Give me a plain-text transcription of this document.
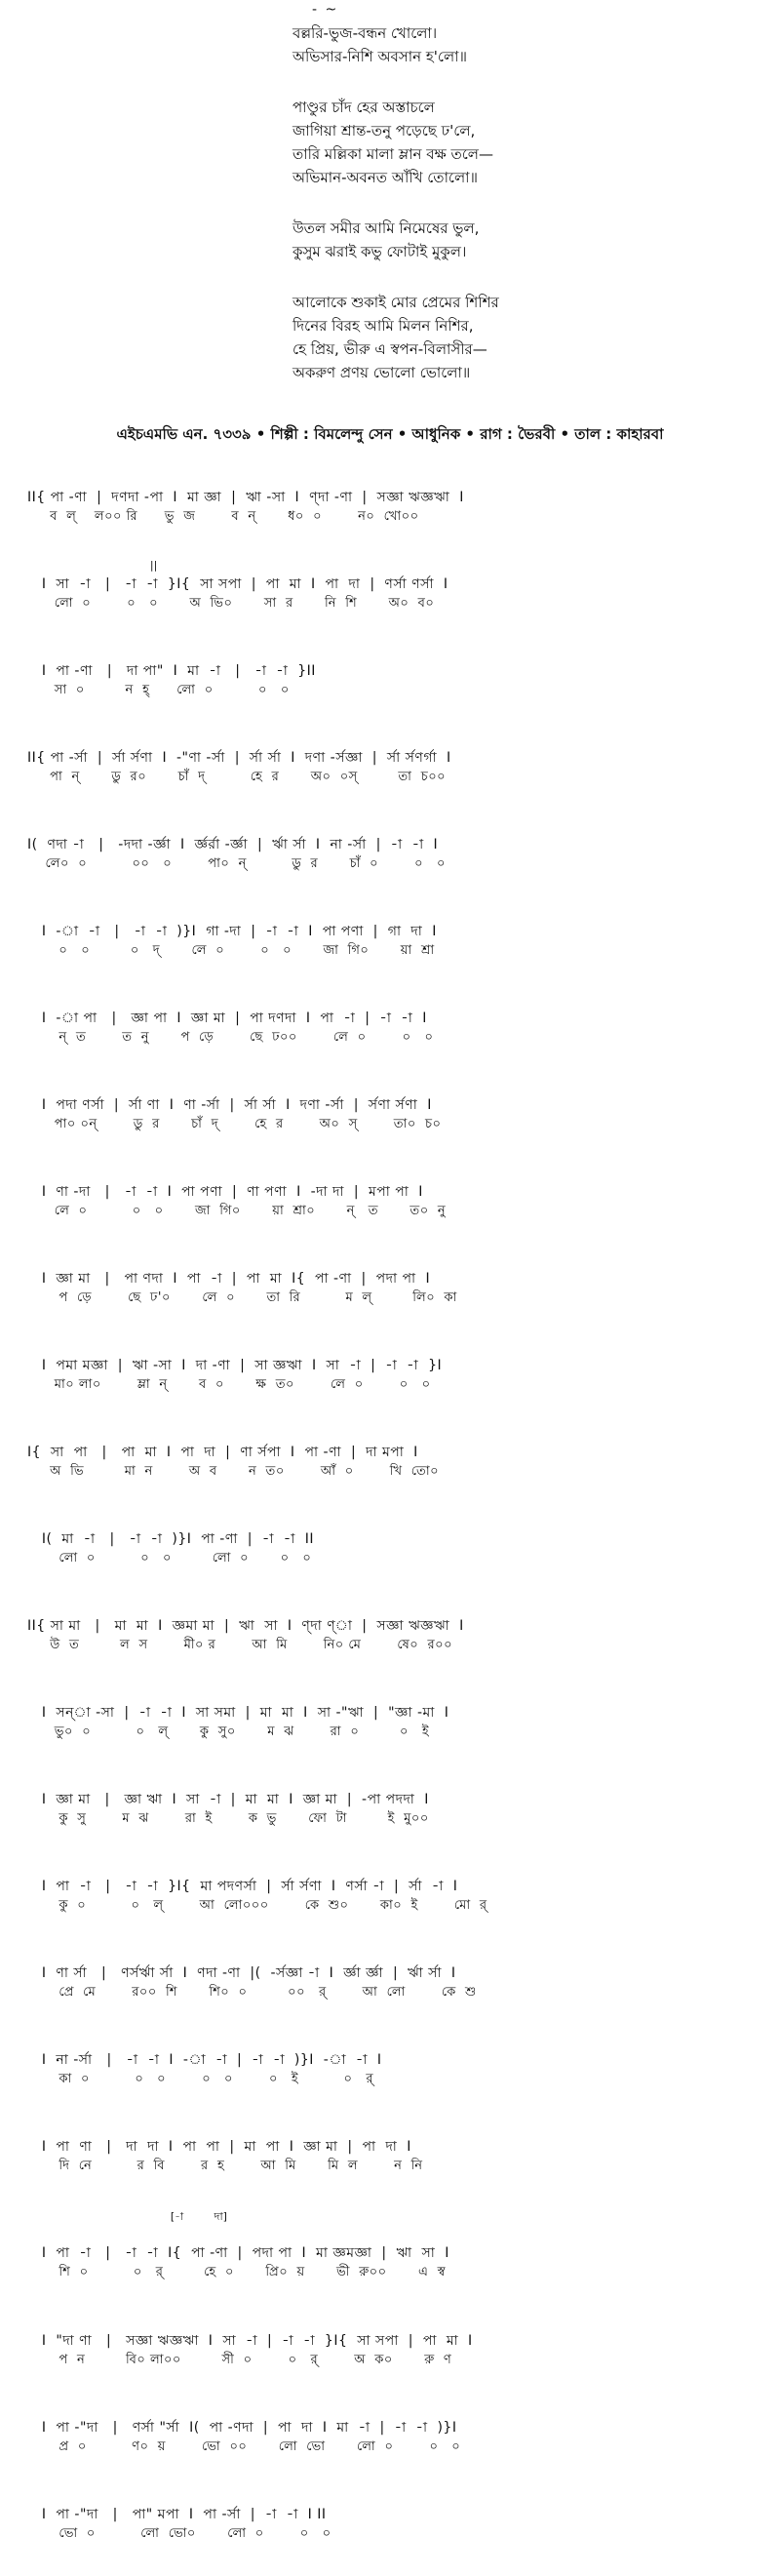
- ~
বল্লরি-ভুজ-বন্ধন খোলো।
অভিসার-নিশি অবসান হ'লো॥
পাণ্ডুর চাঁদ হের অস্তাচলে
জাগিয়া শ্রান্ত-তনু পড়েছে ঢ'লে,
তারি মল্লিকা মালা ম্লান বক্ষ তলে—
অভিমান-অবনত আঁখি তোলো॥
উতল সমীর আমি নিমেষের ভুল,
কুসুম ঝরাই কভু ফোটাই মুকুল।
আলোকে শুকাই মোর প্রেমের শিশির
দিনের বিরহ আমি মিলন নিশির,
হে প্রিয়, ভীরু এ স্বপন-বিলাসীর—
অকরুণ প্রণয় ভোলো ভোলো॥
এইচএমভি এন. ৭৩৩৯ • শিল্পী : বিমলেন্দু সেন • আধুনিক • রাগ : ভৈরবী • তাল : কাহারবা
II{ পা -ণা  |  দণদা -পা  I  মা জ্ঞা  |  ঋা -সা  I  ণ্দা -ণা  |  সজ্ঞা ঋজ্ঞঋা  I
ব  ল্    ল০০ রি      ভু  জ        ব  ন্       ধ০  ০        ন০  খো০০
||
I  সা  -া   |   -া  -া  }I{  সা সপা  |  পা  মা  I  পা  দা  |  ণর্সা ণর্সা  I
লো  ০        ০   ০       অ  ভি০       সা  র       নি  শি       অ০  ব০
I  পা -ণা   |   দা পা"  I  মা  -া   |   -া  -া  }II
সা  ০         ন  হ্      লো  ০          ০   ০
II{ পা -র্সা  |  র্সা র্সণা  I  -"ণা -র্সা  |  র্সা র্সা  I  দণা -র্সজ্ঞা  |  র্সা র্সণর্গা  I
পা  ন্       ডু  র০       চাঁ  দ্          হে  র       অ০  ০স্         তা  চ০০
I(  ণদা -া   |   -দদা -র্জ্ঞা  I  র্জ্ঞর্রা -র্জ্ঞা  |  র্ঋা র্সা  I  না -র্সা  |  -া  -া  I
লে০  ০          ০০   ০        পা০  ন্          ডু  র       চাঁ  ০        ০   ০
I  -া  -া   |   -া  -া  )}I  গা -দা  |  -া  -া  I  পা পণা  |  গা  দা  I
০   ০         ০   দ্       লে  ০        ০   ০       জা  গি০       য়া  শ্রা
I  -া পা   |   জ্ঞা পা  I  জ্ঞা মা  |  পা দণদা  I  পা  -া  |  -া  -া  I
ন্  ত        ত  নু       প  ড়ে        ছে  ঢ০০        লে  ০        ০   ০
I  পদা ণর্সা  |  র্সা ণা  I  ণা -র্সা  |  র্সা র্সা  I  দণা -র্সা  |  র্সণা র্সণা  I
পা০ ০ন্        ডু  র       চাঁ  দ্        হে  র        অ০  স্        তা০  চ০
I  ণা -দা   |   -া  -া  I  পা পণা  |  ণা পণা  I  -দা দা  |  মপা পা  I
লে  ০          ০   ০       জা  গি০       য়া  শ্রা০       ন্   ত       ত০  নু
I  জ্ঞা মা   |   পা ণদা  I  পা  -া  |  পা  মা  I{  পা -ণা  |  পদা পা  I
প  ড়ে        ছে  ঢ'০       লে  ০       তা  রি          ম  ল্         লি০  কা
I  পমা মজ্ঞা  |  ঋা -সা  I  দা -ণা  |  সা জ্ঞঋা  I  সা  -া  |  -া  -া  }I
মা০ লা০        ম্লা  ন্       ব  ০       ক্ষ  ত০        লে  ০        ০   ০
I{  সা  পা   |   পা  মা  I  পা  দা  |  ণা র্সপা  I  পা -ণা  |  দা মপা  I
অ  ভি         মা  ন        অ  ব       ন  ত০        আঁ  ০        খি  তো০
I(  মা  -া   |   -া  -া  )}I  পা -ণা  |  -া  -া  II
লো  ০          ০   ০         লো  ০       ০   ০
II{ সা মা   |   মা  মা  I  জ্ঞমা মা  |  ঋা  সা  I  ণ্দা ণ্া  |  সজ্ঞা ঋজ্ঞঋা  I
উ  ত         ল  স        মী০ র        আ  মি        নি০ মে        ষে০  র০০
I  সন্া -সা  |  -া  -া  I  সা সমা  |  মা  মা  I  সা -"ঋা  |  "জ্ঞা -মা  I
ভু০  ০          ০   ল্       কু  সু০       ম  ঝ        রা  ০         ০   ই
I  জ্ঞা মা   |   জ্ঞা ঋা  I  সা  -া  |  মা  মা  I  জ্ঞা মা  |  -পা পদদা  I
কু  সু        ম  ঝ        রা  ই        ক  ভু       ফো  টা         ই  মু০০
I  পা  -া   |   -া  -া  }I{  মা পদণর্সা  |  র্সা র্সণা  I  ণর্সা -া  |  র্সা  -া  I
কু  ০          ০   ল্        আ  লো০০০        কে  শু০       কা০  ই        মো  র্
I  ণা র্সা   |   ণর্সর্ঋা র্সা  I  ণদা -ণা  |(  -র্সজ্ঞা -া  I  র্জ্ঞা র্জ্ঞা  |  র্ঋা র্সা  I
প্রে  মে        র০০  শি       শি০  ০         ০০   র্        আ  লো        কে  শু
I  না -র্সা   |   -া  -া  I  -া  -া  |  -া  -া  )}I  -া  -া  I
কা  ০          ০   ০        ০   ০        ০   ই          ০   র্
I  পা  ণা   |   দা  দা  I  পা  পা  |  মা  পা  I  জ্ঞা মা  |  পা  দা  I
দি  নে          র  বি        র  হ        আ  মি       মি  ল        ন  নি
[-া         দা]
I  পা  -া   |   -া  -া  I{  পা -ণা  |  পদা পা  I  মা জ্ঞমজ্ঞা  |  ঋা  সা  I
শি  ০          ০   র্         হে  ০       প্রি০  য়       ভী  রু০০       এ  স্ব
I  "দা ণা   |   সজ্ঞা ঋজ্ঞঋা  I  সা  -া  |  -া  -া  }I{  সা সপা  |  পা  মা  I
প  ন         বি০ লা০০         সী  ০        ০   র্        অ  ক০       রু  ণ
I  পা -"দা   |   ণর্সা "র্সা  I(  পা -ণদা  |  পা  দা  I  মা  -া  |  -া  -া  )}I
প্র  ০          ণ০  য়        ভো  ০০       লো  ভো       লো  ০        ০   ০
I  পা -"দা   |   পা" মপা  I  পা -র্সা  |  -া  -া  I II
ভো  ০          লো  ভো০       লো  ০        ০   ০
